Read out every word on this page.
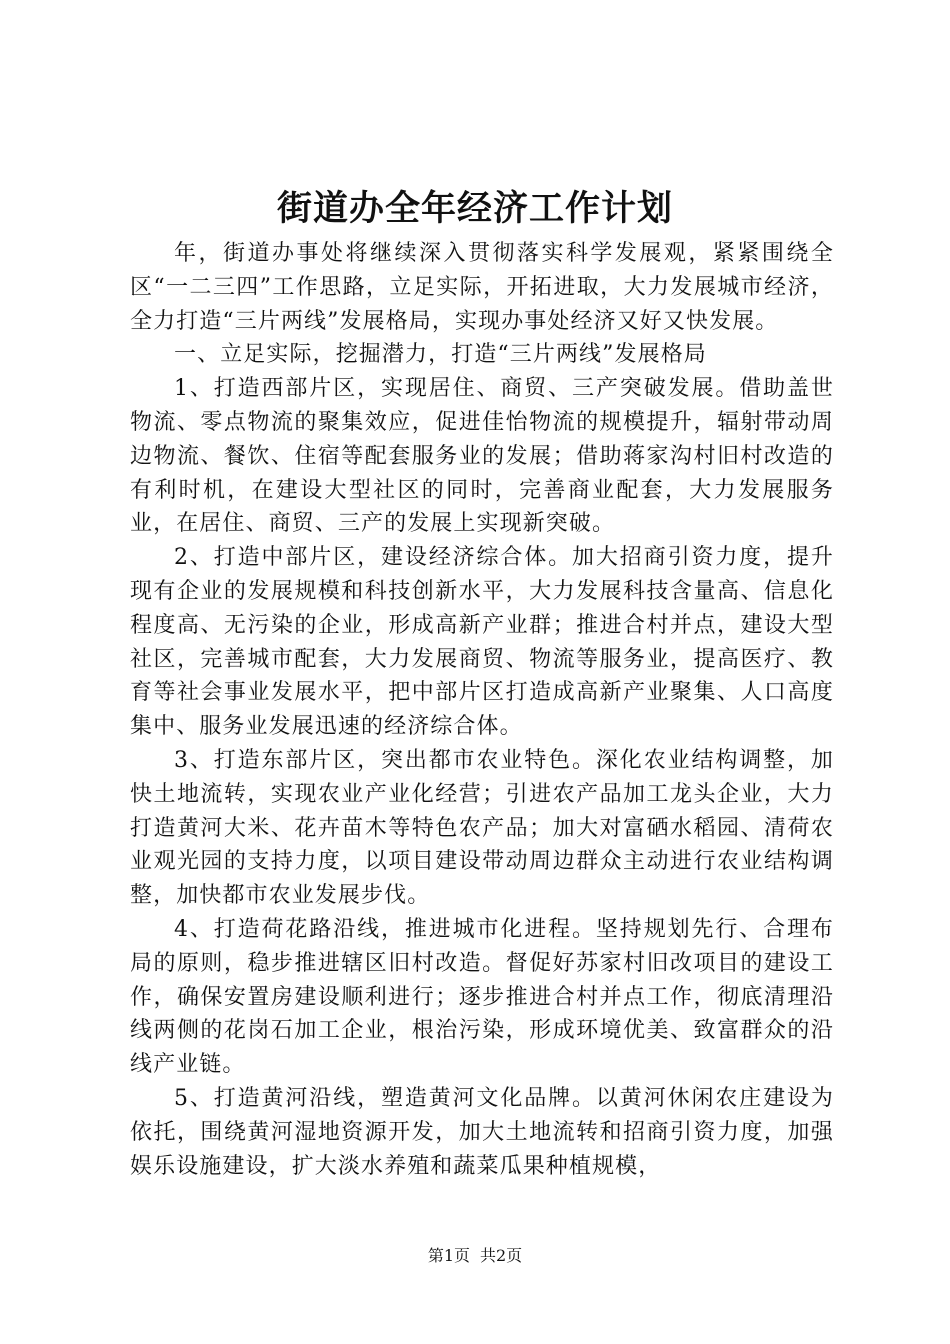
街道办全年经济工作计划

年，街道办事处将继续深入贯彻落实科学发展观，紧紧围绕全区“一二三四”工作思路，立足实际，开拓进取，大力发展城市经济，全力打造“三片两线”发展格局，实现办事处经济又好又快发展。

一、立足实际，挖掘潜力，打造“三片两线”发展格局

1、打造西部片区，实现居住、商贸、三产突破发展。借助盖世物流、零点物流的聚集效应，促进佳怡物流的规模提升，辐射带动周边物流、餐饮、住宿等配套服务业的发展；借助蒋家沟村旧村改造的有利时机，在建设大型社区的同时，完善商业配套，大力发展服务业，在居住、商贸、三产的发展上实现新突破。

2、打造中部片区，建设经济综合体。加大招商引资力度，提升现有企业的发展规模和科技创新水平，大力发展科技含量高、信息化程度高、无污染的企业，形成高新产业群；推进合村并点，建设大型社区，完善城市配套，大力发展商贸、物流等服务业，提高医疗、教育等社会事业发展水平，把中部片区打造成高新产业聚集、人口高度集中、服务业发展迅速的经济综合体。

3、打造东部片区，突出都市农业特色。深化农业结构调整，加快土地流转，实现农业产业化经营；引进农产品加工龙头企业，大力打造黄河大米、花卉苗木等特色农产品；加大对富硒水稻园、清荷农业观光园的支持力度，以项目建设带动周边群众主动进行农业结构调整，加快都市农业发展步伐。

4、打造荷花路沿线，推进城市化进程。坚持规划先行、合理布局的原则，稳步推进辖区旧村改造。督促好苏家村旧改项目的建设工作，确保安置房建设顺利进行；逐步推进合村并点工作，彻底清理沿线两侧的花岗石加工企业，根治污染，形成环境优美、致富群众的沿线产业链。

5、打造黄河沿线，塑造黄河文化品牌。以黄河休闲农庄建设为依托，围绕黄河湿地资源开发，加大土地流转和招商引资力度，加强娱乐设施建设，扩大淡水养殖和蔬菜瓜果种植规模，

第1页 共2页
